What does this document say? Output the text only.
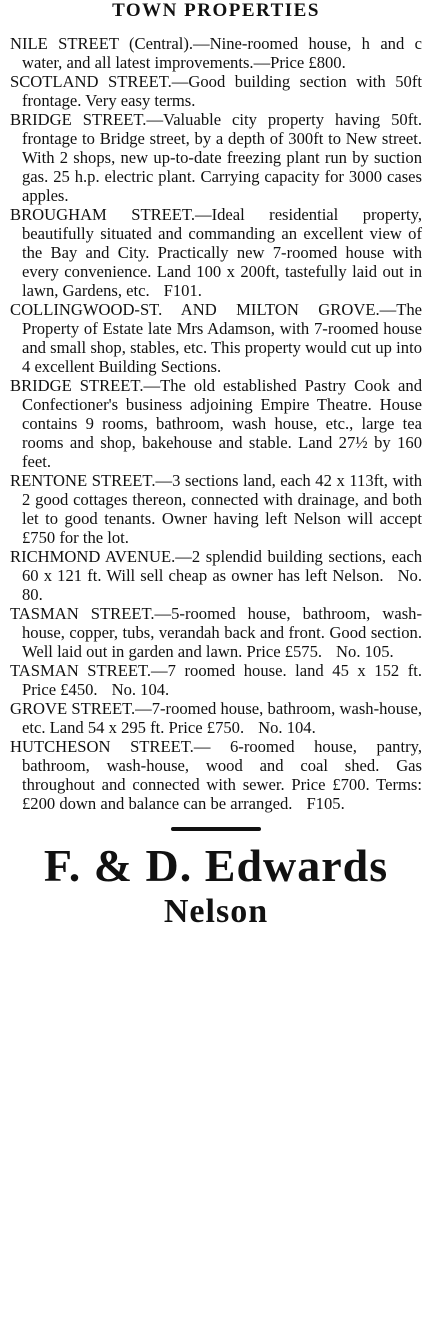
TOWN PROPERTIES

NILE STREET (Central).—Nine-roomed house, h and c water, and all latest improvements.—Price £800.

SCOTLAND STREET.—Good building section with 50ft frontage. Very easy terms.

BRIDGE STREET.—Valuable city property having 50ft. frontage to Bridge street, by a depth of 300ft to New street. With 2 shops, new up-to-date freezing plant run by suction gas. 25 h.p. electric plant. Carrying capacity for 3000 cases apples.

BROUGHAM STREET.—Ideal residential property, beautifully situated and commanding an excellent view of the Bay and City. Practically new 7-roomed house with every convenience. Land 100 x 200ft, tastefully laid out in lawn, Gardens, etc. F101.

COLLINGWOOD-ST. AND MILTON GROVE.—The Property of Estate late Mrs Adamson, with 7-roomed house and small shop, stables, etc. This property would cut up into 4 excellent Building Sections.

BRIDGE STREET.—The old established Pastry Cook and Confectioner's business adjoining Empire Theatre. House contains 9 rooms, bathroom, wash house, etc., large tea rooms and shop, bakehouse and stable. Land 27½ by 160 feet.

RENTONE STREET.—3 sections land, each 42 x 113ft, with 2 good cottages thereon, connected with drainage, and both let to good tenants. Owner having left Nelson will accept £750 for the lot.

RICHMOND AVENUE.—2 splendid building sections, each 60 x 121 ft. Will sell cheap as owner has left Nelson. No. 80.

TASMAN STREET.—5-roomed house, bathroom, wash-house, copper, tubs, verandah back and front. Good section. Well laid out in garden and lawn. Price £575. No. 105.

TASMAN STREET.—7 roomed house. land 45 x 152 ft. Price £450. No. 104.

GROVE STREET.—7-roomed house, bathroom, wash-house, etc. Land 54 x 295 ft. Price £750. No. 104.

HUTCHESON STREET.— 6-roomed house, pantry, bathroom, wash-house, wood and coal shed. Gas throughout and connected with sewer. Price £700. Terms: £200 down and balance can be arranged. F105.

F. & D. Edwards
Nelson
